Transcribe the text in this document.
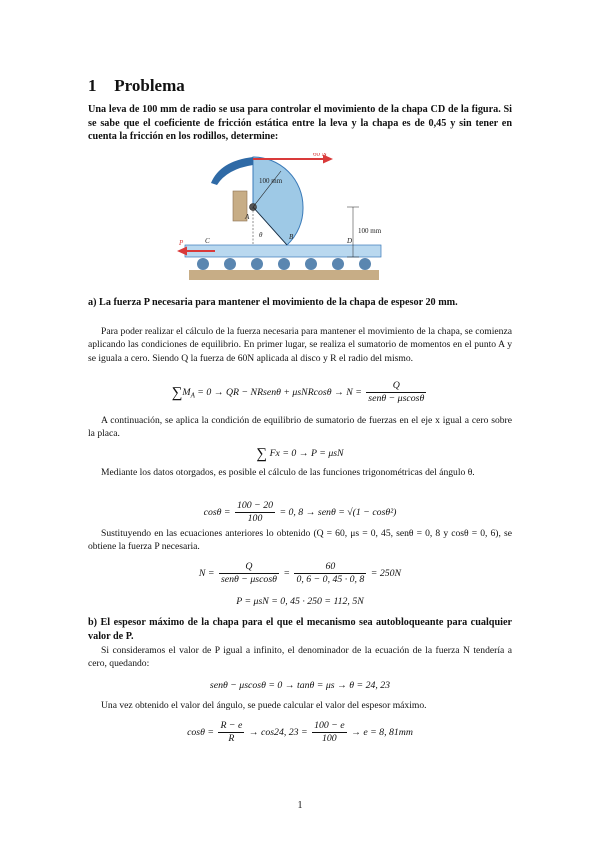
1 Problema
Una leva de 100 mm de radio se usa para controlar el movimiento de la chapa CD de la figura. Si se sabe que el coeficiente de fricción estática entre la leva y la chapa es de 0,45 y sin tener en cuenta la fricción en los rodillos, determine:
60 N
100 mm
100 mm
A
B
θ
C	D
P
a) La fuerza P necesaria para mantener el movimiento de la chapa de espesor 20 mm.
Para poder realizar el cálculo de la fuerza necesaria para mantener el movimiento de la chapa, se comienza aplicando las condiciones de equilibrio. En primer lugar, se realiza el sumatorio de momentos en el punto A y se iguala a cero. Siendo Q la fuerza de 60N aplicada al disco y R el radio del mismo.
$\sum M_A = 0$ → QR − NRsenθ + $\mu sNRcos\theta \to N = \frac{Q}{\text{senθ − μscosθ}}$
A continuación, se aplica la condición de equilibrio de sumatorio de fuerzas en el eje x igual a cero sobre la placa.
∑ Fx = 0 → P = μsN
Mediante los datos otorgados, es posible el cálculo de las funciones trigonométricas del ángulo θ.
$\cos\theta = \frac{100 - 20}{100} = 0$, 8 → senθ = √(1 − cosθ²)
Sustituyendo en las ecuaciones anteriores lo obtenido (Q = 60, μs = 0, 45, senθ = 0, 8 y cosθ = 0, 6), se obtiene la fuerza P necesaria.
$N = \frac{Q}{\text{senθ − μscosθ}} = \frac{60}{0, 6 - 0, 45 \cdot 0, 8} = 250N$
P = μsN = 0, 45 · 250 = 112, 5N
b) El espesor máximo de la chapa para el que el mecanismo sea autobloqueante para cualquier valor de P.
Si consideramos el valor de P igual a infinito, el denominador de la ecuación de la fuerza N tendería a cero, quedando:
senθ − μscosθ = 0 → tanθ = μs → θ = 24, 23
Una vez obtenido el valor del ángulo, se puede calcular el valor del espesor máximo.
$\cos\theta = \frac{R - e}{R} \to \cos 24$, $23 = \frac{100 - e}{100} \to e = 8$, 81mm
1
